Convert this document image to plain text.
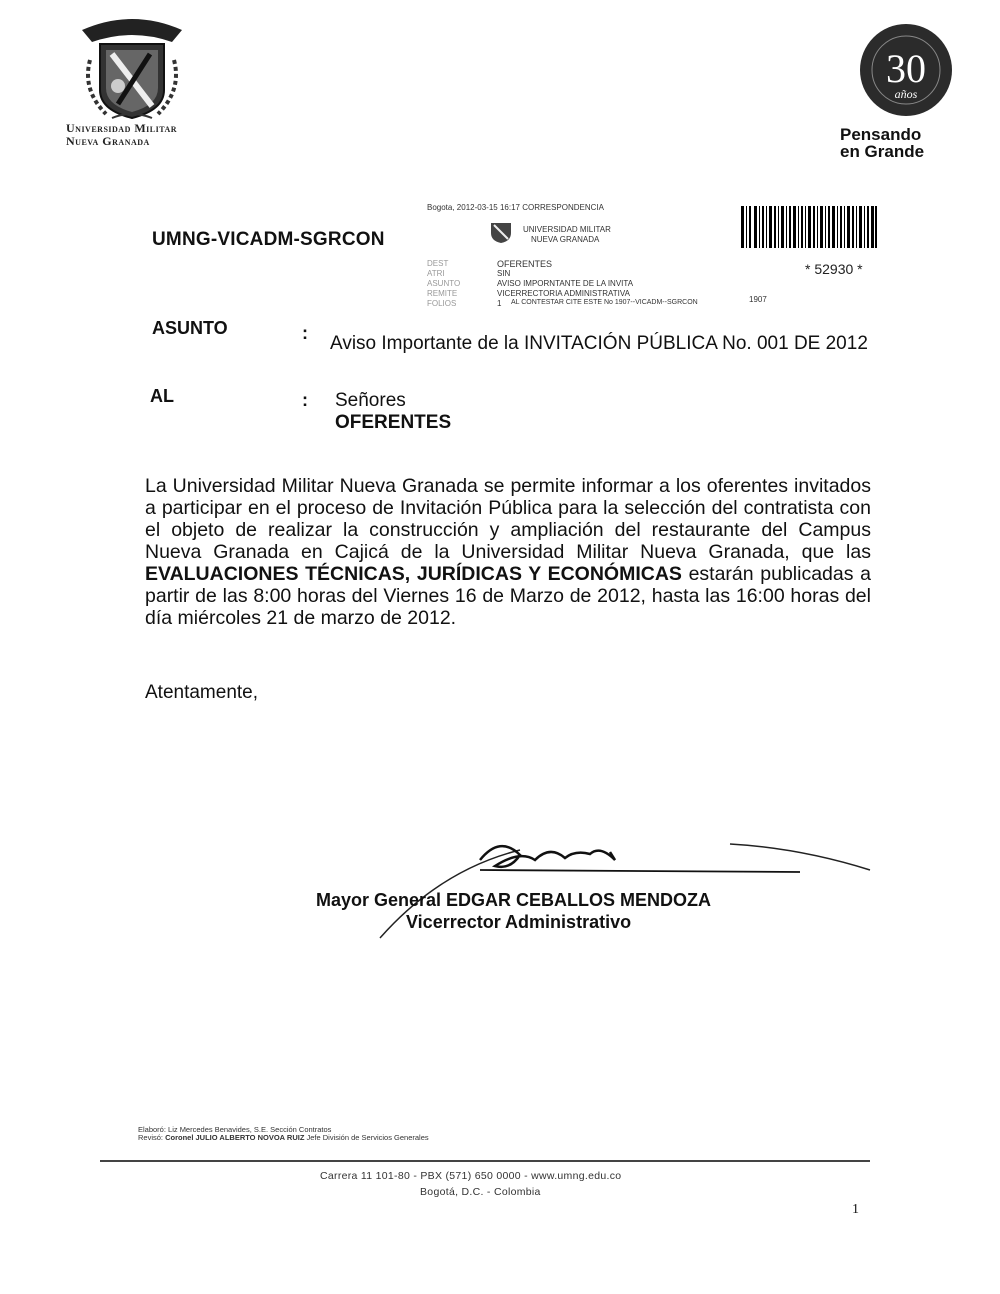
Universidad Militar
Nueva Granada
30
años
Pensando
en Grande
UMNG-VICADM-SGRCON
Bogota, 2012-03-15 16:17 CORRESPONDENCIA
UNIVERSIDAD MILITAR
NUEVA GRANADA
DEST	OFERENTES
ATRI	SIN
ASUNTO	AVISO IMPORNTANTE DE LA INVITA
REMITE	VICERRECTORIA ADMINISTRATIVA
FOLIOS	1 AL CONTESTAR CITE ESTE No 1907--VICADM--SGRCON	1907
* 52930 *
ASUNTO	: Aviso Importante de la INVITACIÓN PÚBLICA No. 001 DE 2012
AL	: Señores
OFERENTES
La Universidad Militar Nueva Granada se permite informar a los oferentes invitados a participar en el proceso de Invitación Pública para la selección del contratista con el objeto de realizar la construcción y ampliación del restaurante del Campus Nueva Granada en Cajicá de la Universidad Militar Nueva Granada, que las EVALUACIONES TÉCNICAS, JURÍDICAS Y ECONÓMICAS estarán publicadas a partir de las 8:00 horas del Viernes 16 de Marzo de 2012, hasta las 16:00 horas del día miércoles 21 de marzo de 2012.
Atentamente,
Mayor General EDGAR CEBALLOS MENDOZA
Vicerrector Administrativo
Elaboró: Liz Mercedes Benavides, S.E. Sección Contratos
Revisó: Coronel JULIO ALBERTO NOVOA RUIZ Jefe División de Servicios Generales
Carrera 11 101-80 - PBX (571) 650 0000 - www.umng.edu.co
Bogotá, D.C. - Colombia
1
